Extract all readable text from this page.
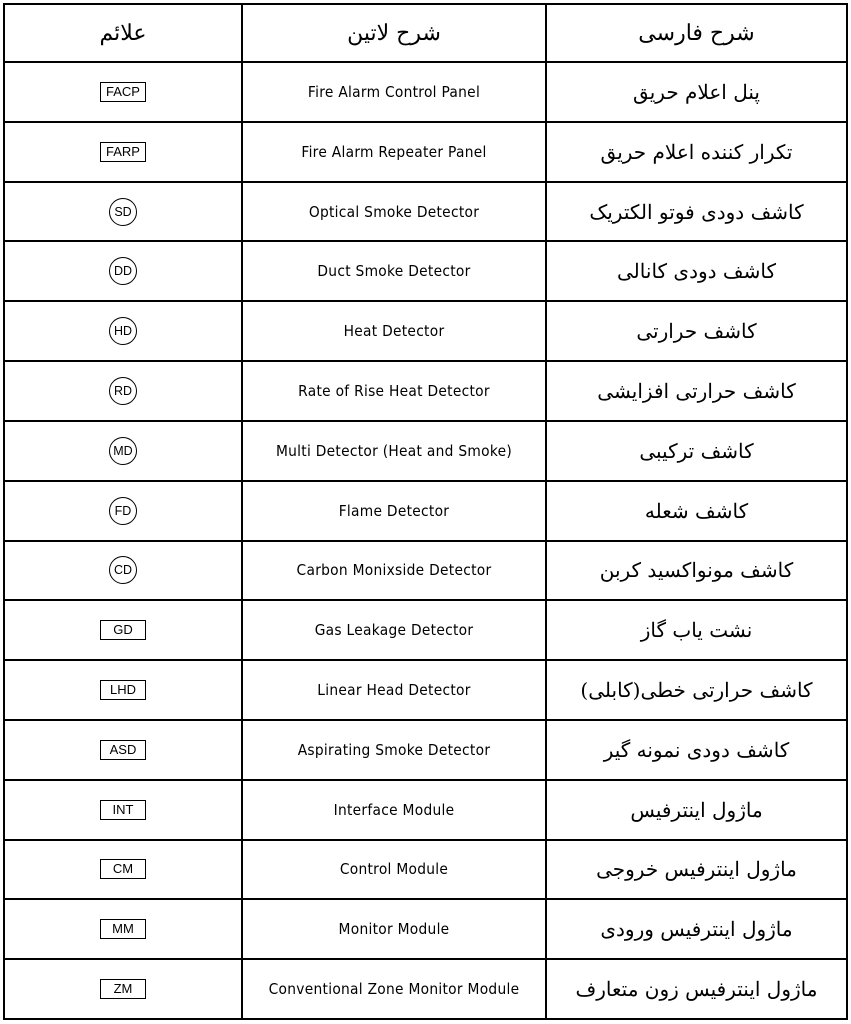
علائم	شرح لاتین	شرح فارسی
FACP	Fire Alarm Control Panel	پنل اعلام حریق

FARP	Fire Alarm Repeater Panel	تکرار کننده اعلام حریق

SD	Optical Smoke Detector	کاشف دودی فوتو الکتریک

DD	Duct Smoke Detector	کاشف دودی کانالی

HD	Heat Detector	کاشف حرارتی

RD	Rate of Rise Heat Detector	کاشف حرارتی افزایشی

MD	Multi Detector (Heat and Smoke)	کاشف ترکیبی

FD	Flame Detector	کاشف شعله

CD	Carbon Monixside Detector	کاشف مونواکسید کربن

GD	Gas Leakage Detector	نشت یاب گاز

LHD	Linear Head Detector	کاشف حرارتی خطی(کابلی)

ASD	Aspirating Smoke Detector	کاشف دودی نمونه گیر

INT	Interface Module	ماژول اینترفیس

CM	Control Module	ماژول اینترفیس خروجی

MM	Monitor Module	ماژول اینترفیس ورودی

ZM	Conventional Zone Monitor Module	ماژول اینترفیس زون متعارف
